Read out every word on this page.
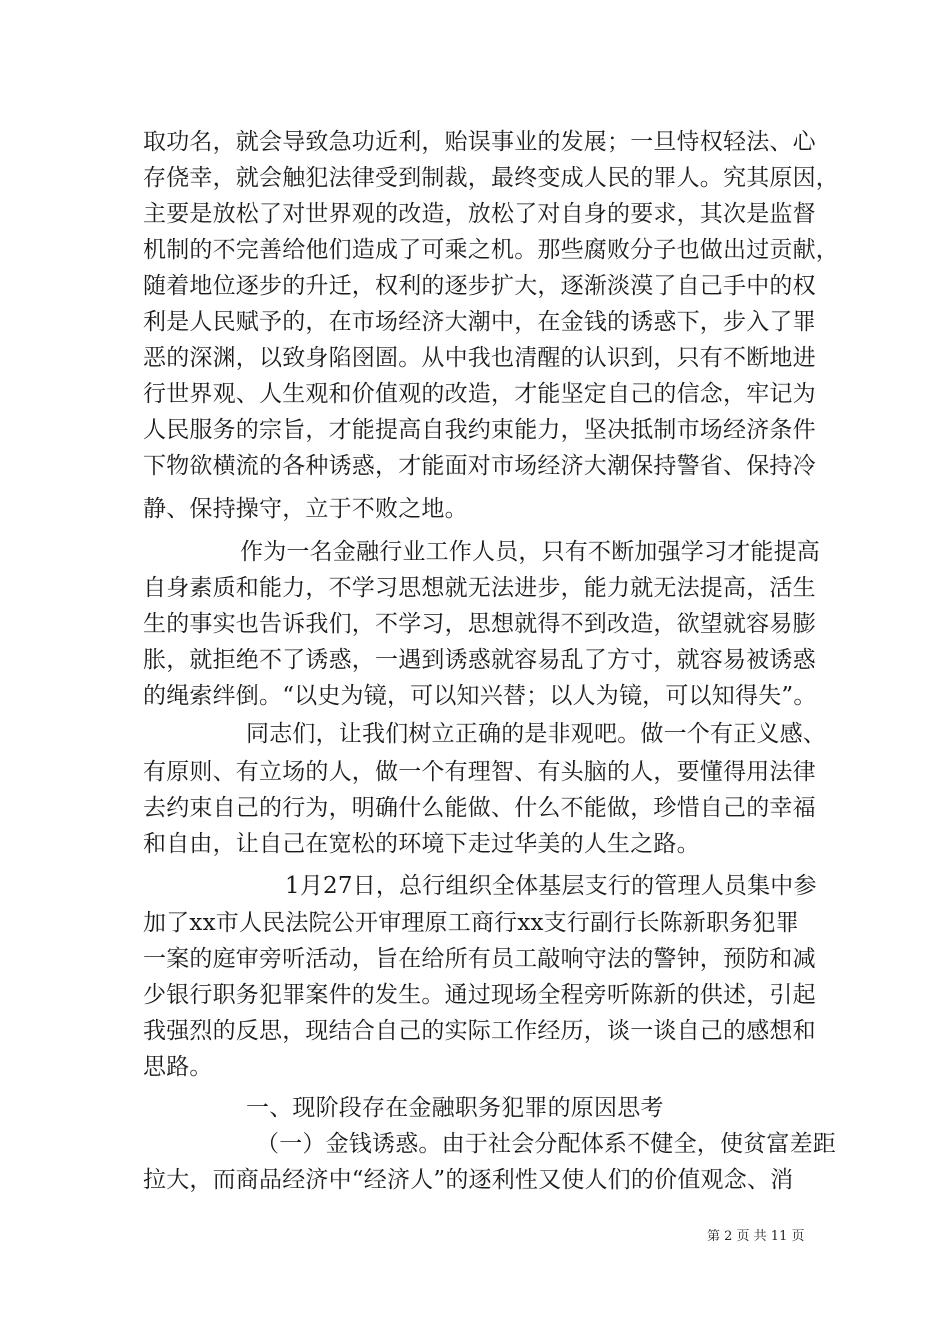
取功名，就会导致急功近利，贻误事业的发展；一旦恃权轻法、心
存侥幸，就会触犯法律受到制裁，最终变成人民的罪人。究其原因，
主要是放松了对世界观的改造，放松了对自身的要求，其次是监督
机制的不完善给他们造成了可乘之机。那些腐败分子也做出过贡献，
随着地位逐步的升迁，权利的逐步扩大，逐渐淡漠了自己手中的权
利是人民赋予的，在市场经济大潮中，在金钱的诱惑下，步入了罪
恶的深渊，以致身陷囹圄。从中我也清醒的认识到，只有不断地进
行世界观、人生观和价值观的改造，才能坚定自己的信念，牢记为
人民服务的宗旨，才能提高自我约束能力，坚决抵制市场经济条件
下物欲横流的各种诱惑，才能面对市场经济大潮保持警省、保持冷
静、保持操守，立于不败之地。
作为一名金融行业工作人员，只有不断加强学习才能提高
自身素质和能力，不学习思想就无法进步，能力就无法提高，活生
生的事实也告诉我们，不学习，思想就得不到改造，欲望就容易膨
胀，就拒绝不了诱惑，一遇到诱惑就容易乱了方寸，就容易被诱惑
的绳索绊倒。“以史为镜，可以知兴替；以人为镜，可以知得失”。
同志们，让我们树立正确的是非观吧。做一个有正义感、
有原则、有立场的人，做一个有理智、有头脑的人，要懂得用法律
去约束自己的行为，明确什么能做、什么不能做，珍惜自己的幸福
和自由，让自己在宽松的环境下走过华美的人生之路。
1月27日，总行组织全体基层支行的管理人员集中参
加了xx市人民法院公开审理原工商行xx支行副行长陈新职务犯罪
一案的庭审旁听活动，旨在给所有员工敲响守法的警钟，预防和减
少银行职务犯罪案件的发生。通过现场全程旁听陈新的供述，引起
我强烈的反思，现结合自己的实际工作经历，谈一谈自己的感想和
思路。
一、现阶段存在金融职务犯罪的原因思考
（一）金钱诱惑。由于社会分配体系不健全，使贫富差距
拉大，而商品经济中“经济人”的逐利性又使人们的价值观念、消
第 2 页 共 11 页
